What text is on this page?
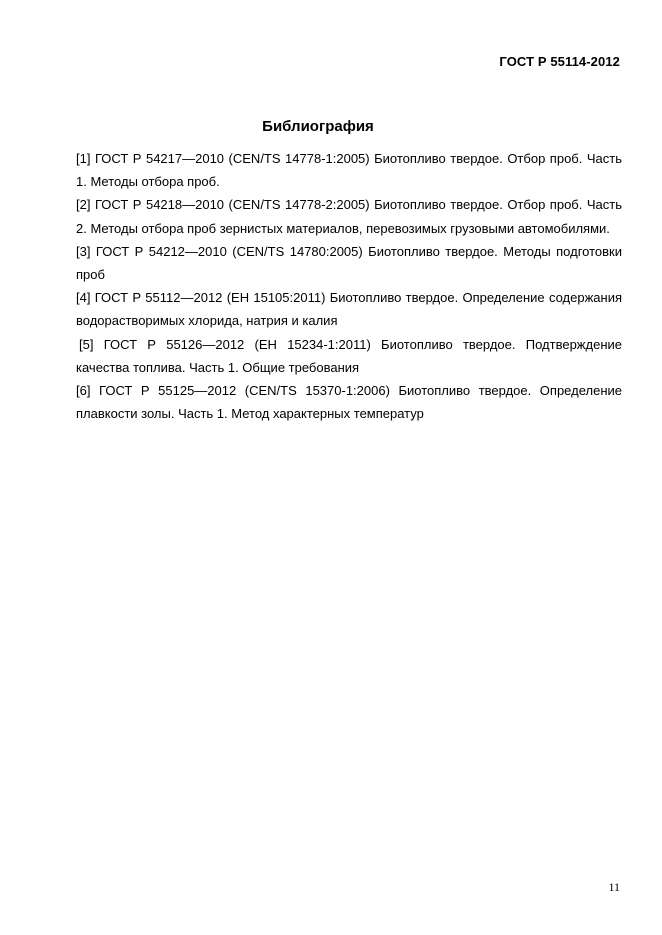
ГОСТ Р 55114-2012
Библиография
[1] ГОСТ Р 54217—2010 (CEN/TS 14778-1:2005) Биотопливо твердое. Отбор проб. Часть 1. Методы отбора проб.
[2] ГОСТ Р 54218—2010 (CEN/TS 14778-2:2005) Биотопливо твердое. Отбор проб. Часть 2. Методы отбора проб зернистых материалов, перевозимых грузовыми автомобилями.
[3] ГОСТ Р 54212—2010 (CEN/TS 14780:2005) Биотопливо твердое. Методы подготовки проб
[4] ГОСТ Р 55112—2012 (ЕН 15105:2011) Биотопливо твердое. Определение содержания водорастворимых хлорида, натрия и калия
[5] ГОСТ Р 55126—2012 (ЕН 15234-1:2011) Биотопливо твердое. Подтверждение качества топлива. Часть 1. Общие требования
[6] ГОСТ Р 55125—2012 (CEN/TS 15370-1:2006) Биотопливо твердое. Определение плавкости золы. Часть 1. Метод характерных температур
11
